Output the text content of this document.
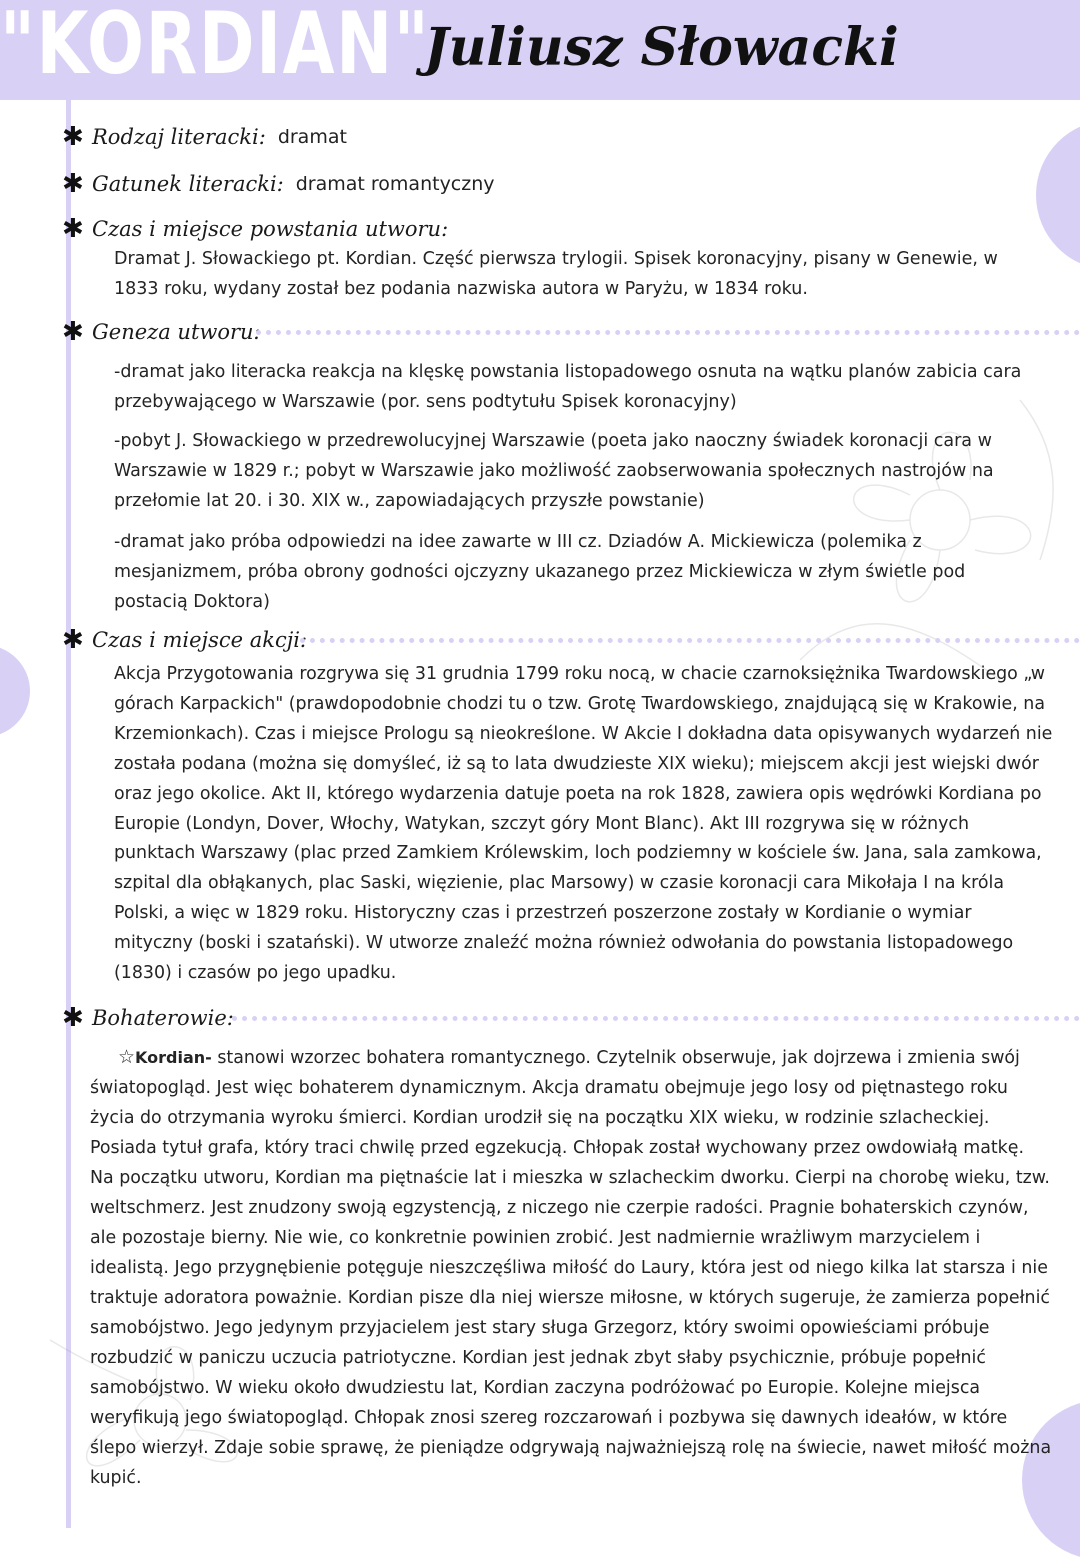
"KORDIAN"
Juliusz Słowacki
✱ Rodzaj literacki: dramat
✱ Gatunek literacki: dramat romantyczny
✱ Czas i miejsce powstania utworu:
Dramat J. Słowackiego pt. Kordian. Część pierwsza trylogii. Spisek koronacyjny, pisany w Genewie, w 1833 roku, wydany został bez podania nazwiska autora w Paryżu, w 1834 roku.
✱ Geneza utworu:
-dramat jako literacka reakcja na klęskę powstania listopadowego osnuta na wątku planów zabicia cara przebywającego w Warszawie (por. sens podtytułu Spisek koronacyjny)
-pobyt J. Słowackiego w przedrewolucyjnej Warszawie (poeta jako naoczny świadek koronacji cara w Warszawie w 1829 r.; pobyt w Warszawie jako możliwość zaobserwowania społecznych nastrojów na przełomie lat 20. i 30. XIX w., zapowiadających przyszłe powstanie)
-dramat jako próba odpowiedzi na idee zawarte w III cz. Dziadów A. Mickiewicza (polemika z mesjanizmem, próba obrony godności ojczyzny ukazanego przez Mickiewicza w złym świetle pod postacią Doktora)
✱ Czas i miejsce akcji:
Akcja Przygotowania rozgrywa się 31 grudnia 1799 roku nocą, w chacie czarnoksiężnika Twardowskiego „w górach Karpackich" (prawdopodobnie chodzi tu o tzw. Grotę Twardowskiego, znajdującą się w Krakowie, na Krzemionkach). Czas i miejsce Prologu są nieokreślone. W Akcie I dokładna data opisywanych wydarzeń nie została podana (można się domyśleć, iż są to lata dwudzieste XIX wieku); miejscem akcji jest wiejski dwór oraz jego okolice. Akt II, którego wydarzenia datuje poeta na rok 1828, zawiera opis wędrówki Kordiana po Europie (Londyn, Dover, Włochy, Watykan, szczyt góry Mont Blanc). Akt III rozgrywa się w różnych punktach Warszawy (plac przed Zamkiem Królewskim, loch podziemny w kościele św. Jana, sala zamkowa, szpital dla obłąkanych, plac Saski, więzienie, plac Marsowy) w czasie koronacji cara Mikołaja I na króla Polski, a więc w 1829 roku. Historyczny czas i przestrzeń poszerzone zostały w Kordianie o wymiar mityczny (boski i szatański). W utworze znaleźć można również odwołania do powstania listopadowego (1830) i czasów po jego upadku.
✱ Bohaterowie:
☆Kordian- stanowi wzorzec bohatera romantycznego. Czytelnik obserwuje, jak dojrzewa i zmienia swój światopogląd. Jest więc bohaterem dynamicznym. Akcja dramatu obejmuje jego losy od piętnastego roku życia do otrzymania wyroku śmierci. Kordian urodził się na początku XIX wieku, w rodzinie szlacheckiej. Posiada tytuł grafa, który traci chwilę przed egzekucją. Chłopak został wychowany przez owdowiałą matkę. Na początku utworu, Kordian ma piętnaście lat i mieszka w szlacheckim dworku. Cierpi na chorobę wieku, tzw. weltschmerz. Jest znudzony swoją egzystencją, z niczego nie czerpie radości. Pragnie bohaterskich czynów, ale pozostaje bierny. Nie wie, co konkretnie powinien zrobić. Jest nadmiernie wrażliwym marzycielem i idealistą. Jego przygnębienie potęguje nieszczęśliwa miłość do Laury, która jest od niego kilka lat starsza i nie traktuje adoratora poważnie. Kordian pisze dla niej wiersze miłosne, w których sugeruje, że zamierza popełnić samobójstwo. Jego jedynym przyjacielem jest stary sługa Grzegorz, który swoimi opowieściami próbuje rozbudzić w paniczu uczucia patriotyczne. Kordian jest jednak zbyt słaby psychicznie, próbuje popełnić samobójstwo. W wieku około dwudziestu lat, Kordian zaczyna podróżować po Europie. Kolejne miejsca weryfikują jego światopogląd. Chłopak znosi szereg rozczarowań i pozbywa się dawnych ideałów, w które ślepo wierzył. Zdaje sobie sprawę, że pieniądze odgrywają najważniejszą rolę na świecie, nawet miłość można kupić.
